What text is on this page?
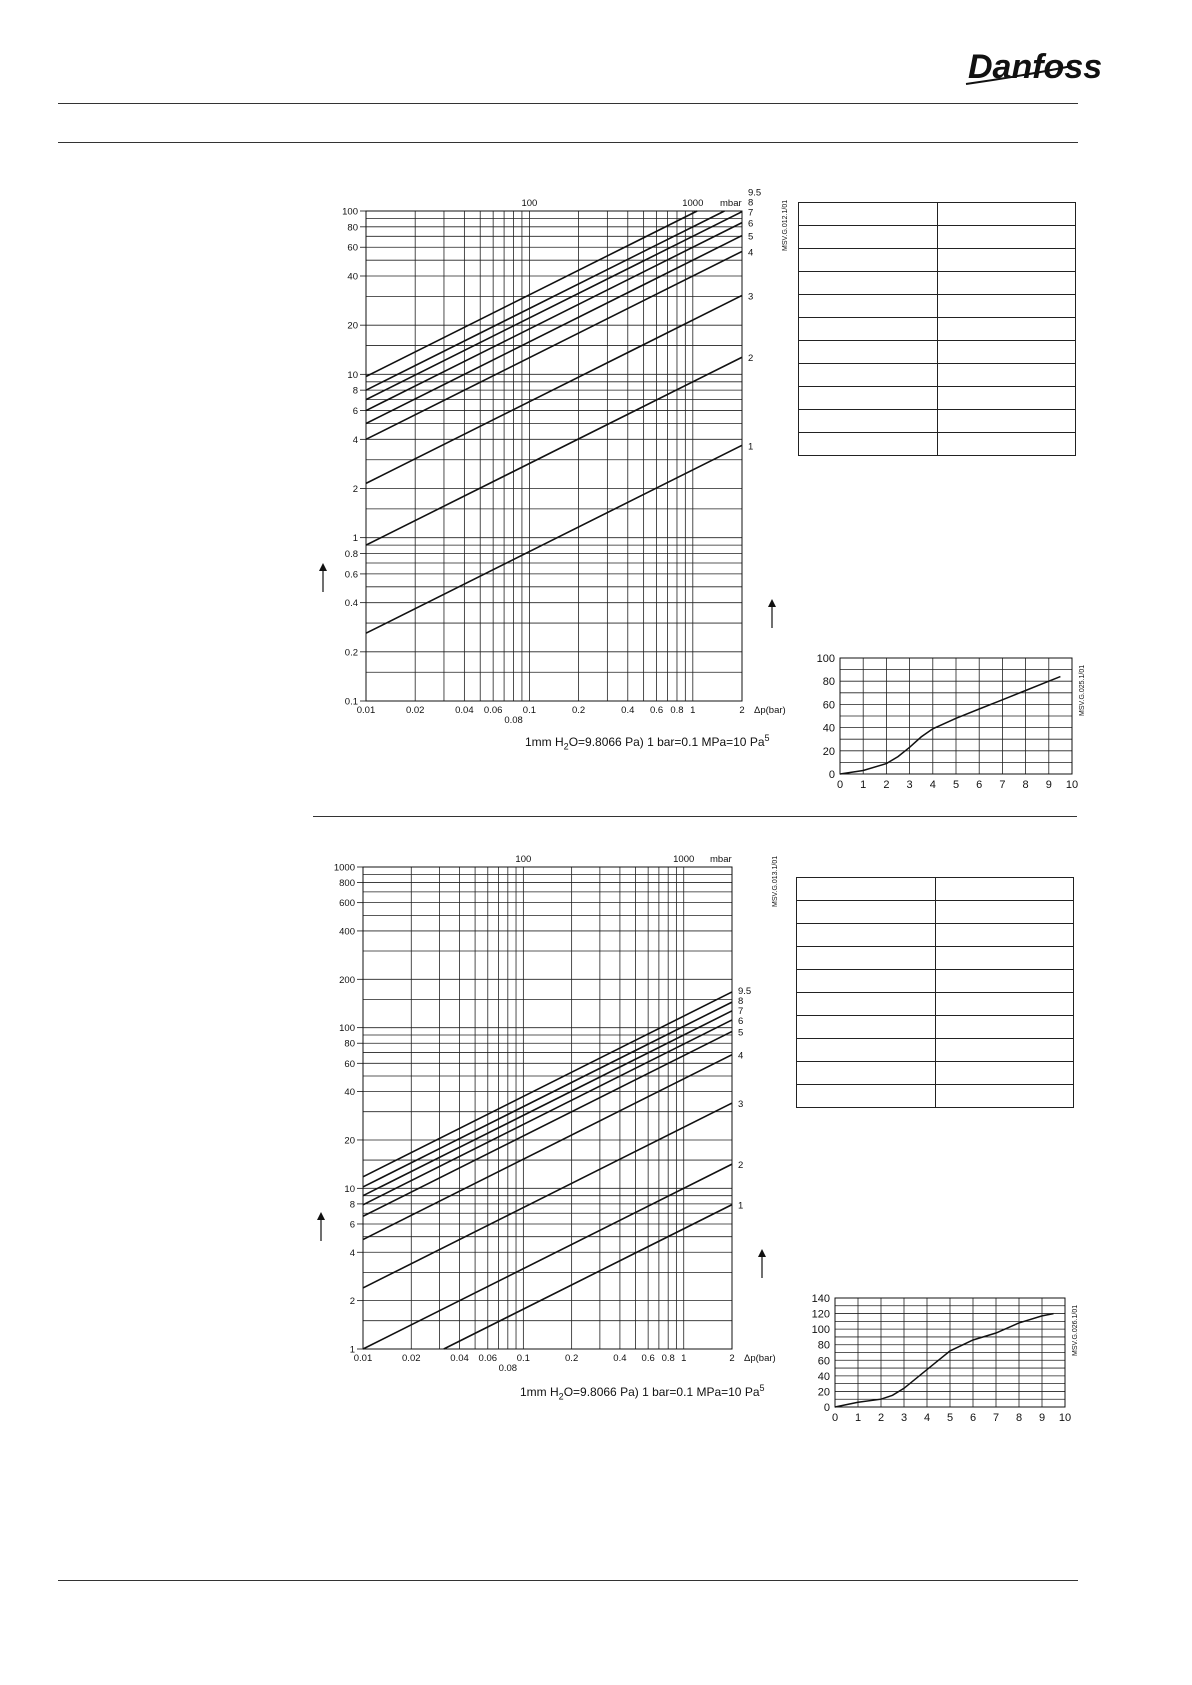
Danfoss
0.1
0.2
0.4
0.6
0.8
1
2
4
6
8
10
20
40
60
80
100
0.01	0.02	0.04 0.06
0.08
0.1	0.2	0.4 0.6 0.8 1	2 Δp(bar)
100	1000 mbar	MSV.G.012.1/01
1
2
3
4
5
6
7
8
9.5
1mm $H_2O=9.8066$ Pa) 1 bar=0.1 MPa=10 Pa$^5$

0
20
40
60
80
100
0 1 2 3 4 5 6 7 8 9 10
MSV.G.025.1/01
1
2
4
6
8
10
20
40
60
80
100
200
400
600
800
1000
0.01	0.02	0.04 0.06
0.08
0.1	0.2	0.4 0.6 0.8 1	2 Δp(bar)
100	1000 mbar	MSV.G.013.1/01
1
2
3
4
5
6
7
8
9.5
1mm $H_2O=9.8066$ Pa) 1 bar=0.1 MPa=10 Pa$^5$

0
20
40
60
80
100
120
140
0 1 2 3 4 5 6 7 8 9 10
MSV.G.026.1/01
